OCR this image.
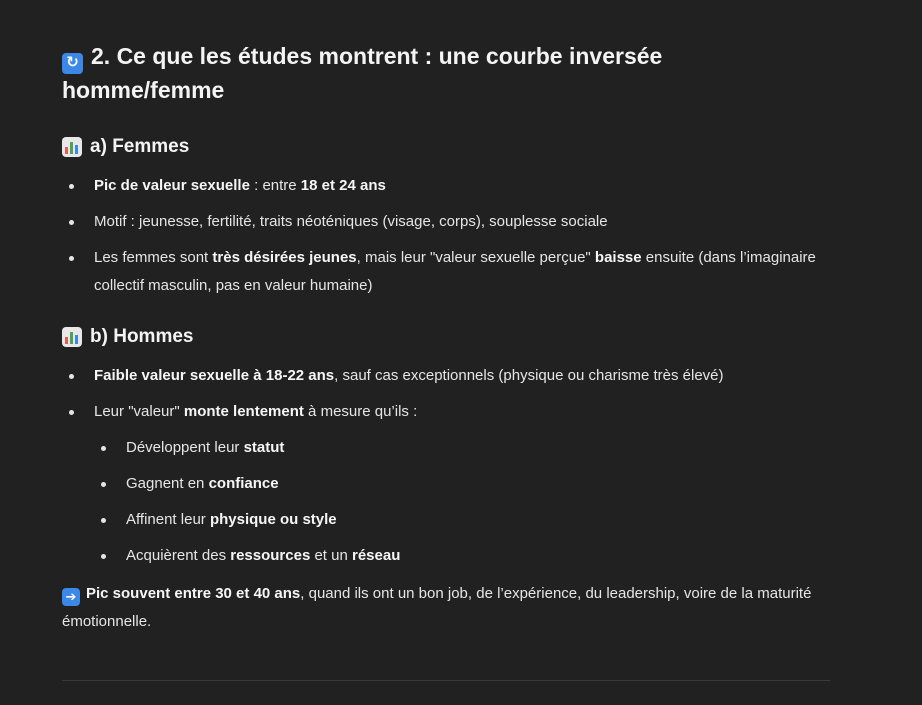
↻ 2. Ce que les études montrent : une courbe inversée
homme/femme
a)
Femmes
Pic de valeur sexuelle : entre 18 et 24 ans
Motif : jeunesse, fertilité, traits néoténiques (visage, corps), souplesse sociale
Les femmes sont très désirées jeunes, mais leur "valeur sexuelle perçue" baisse ensuite (dans l’imaginaire collectif masculin, pas en valeur humaine)
b)
Hommes
Faible valeur sexuelle à 18-22 ans, sauf cas exceptionnels (physique ou charisme très élevé)
Leur "valeur" monte lentement à mesure qu’ils :
Développent leur statut
Gagnent en confiance
Affinent leur physique ou style
Acquièrent des ressources et un réseau

➔ Pic souvent entre 30 et 40 ans, quand ils ont un bon job, de l’expérience, du leadership, voire de la maturité émotionnelle.
